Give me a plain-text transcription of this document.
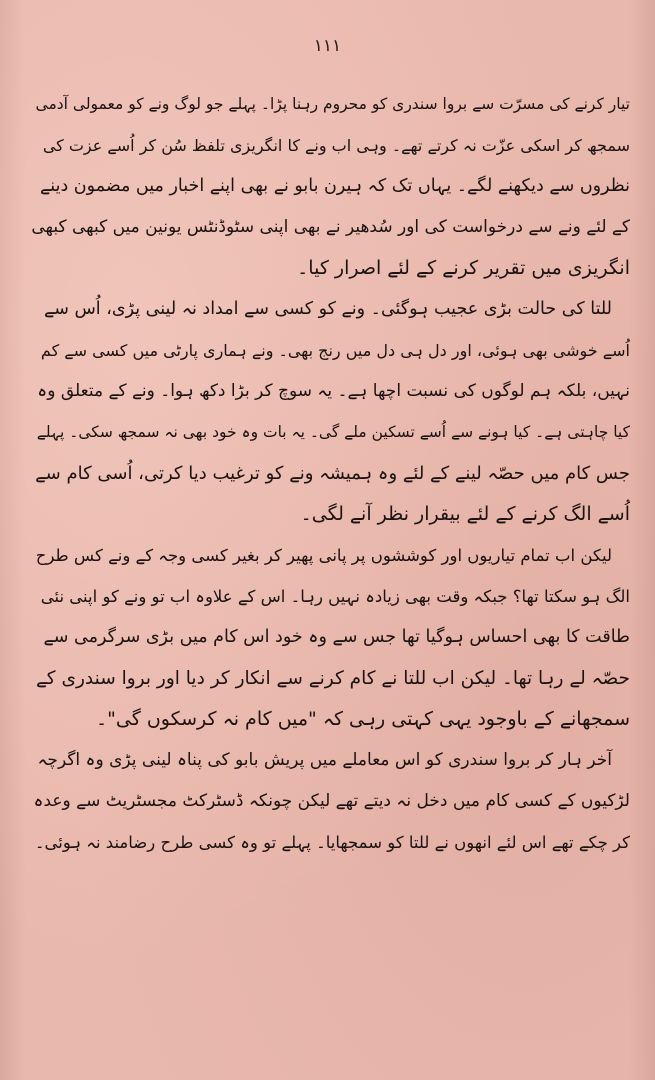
۱۱۱
تیار کرنے کی مسرّت سے بروا سندری کو محروم رہنا پڑا۔ پہلے جو لوگ ونے کو معمولی آدمی
سمجھ کر اسکی عزّت نہ کرتے تھے۔ وہی اب ونے کا انگریزی تلفظ سُن کر اُسے عزت کی
نظروں سے دیکھنے لگے۔ یہاں تک کہ ہیرن بابو نے بھی اپنے اخبار میں مضمون دینے
کے لئے ونے سے درخواست کی اور سُدھیر نے بھی اپنی سٹوڈنٹس یونین میں کبھی کبھی
انگریزی میں تقریر کرنے کے لئے اصرار کیا۔
للتا کی حالت بڑی عجیب ہوگئی۔ ونے کو کسی سے امداد نہ لینی پڑی، اُس سے
اُسے خوشی بھی ہوئی، اور دل ہی دل میں رنج بھی۔ ونے ہماری پارٹی میں کسی سے کم
نہیں، بلکہ ہم لوگوں کی نسبت اچھا ہے۔ یہ سوچ کر بڑا دکھ ہوا۔ ونے کے متعلق وہ
کیا چاہتی ہے۔ کیا ہونے سے اُسے تسکین ملے گی۔ یہ بات وہ خود بھی نہ سمجھ سکی۔ پہلے
جس کام میں حصّہ لینے کے لئے وہ ہمیشہ ونے کو ترغیب دیا کرتی، اُسی کام سے
اُسے الگ کرنے کے لئے بیقرار نظر آنے لگی۔
لیکن اب تمام تیاریوں اور کوششوں پر پانی پھیر کر بغیر کسی وجہ کے ونے کس طرح
الگ ہو سکتا تھا؟ جبکہ وقت بھی زیادہ نہیں رہا۔ اس کے علاوہ اب تو ونے کو اپنی نئی
طاقت کا بھی احساس ہوگیا تھا جس سے وہ خود اس کام میں بڑی سرگرمی سے
حصّہ لے رہا تھا۔ لیکن اب للتا نے کام کرنے سے انکار کر دیا اور بروا سندری کے
سمجھانے کے باوجود یہی کہتی رہی کہ "میں کام نہ کرسکوں گی"۔
آخر ہار کر بروا سندری کو اس معاملے میں پریش بابو کی پناہ لینی پڑی وہ اگرچہ
لڑکیوں کے کسی کام میں دخل نہ دیتے تھے لیکن چونکہ ڈسٹرکٹ مجسٹریٹ سے وعدہ
کر چکے تھے اس لئے انھوں نے للتا کو سمجھایا۔ پہلے تو وہ کسی طرح رضامند نہ ہوئی۔
